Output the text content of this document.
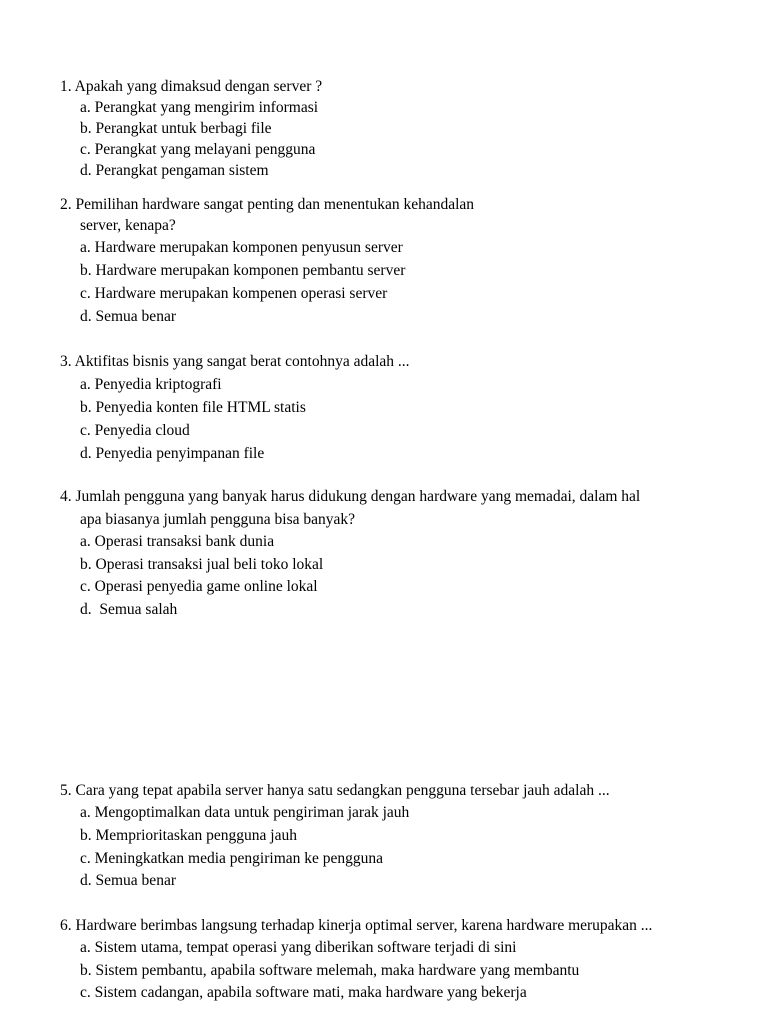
1. Apakah yang dimaksud dengan server ?
a. Perangkat yang mengirim informasi
b. Perangkat untuk berbagi file
c. Perangkat yang melayani pengguna
d. Perangkat pengaman sistem
2. Pemilihan hardware sangat penting dan menentukan kehandalan
server, kenapa?
a. Hardware merupakan komponen penyusun server
b. Hardware merupakan komponen pembantu server
c. Hardware merupakan kompenen operasi server
d. Semua benar
3. Aktifitas bisnis yang sangat berat contohnya adalah ...
a. Penyedia kriptografi
b. Penyedia konten file HTML statis
c. Penyedia cloud
d. Penyedia penyimpanan file
4. Jumlah pengguna yang banyak harus didukung dengan hardware yang memadai, dalam hal
apa biasanya jumlah pengguna bisa banyak?
a. Operasi transaksi bank dunia
b. Operasi transaksi jual beli toko lokal
c. Operasi penyedia game online lokal
d.  Semua salah
5. Cara yang tepat apabila server hanya satu sedangkan pengguna tersebar jauh adalah ...
a. Mengoptimalkan data untuk pengiriman jarak jauh
b. Memprioritaskan pengguna jauh
c. Meningkatkan media pengiriman ke pengguna
d. Semua benar
6. Hardware berimbas langsung terhadap kinerja optimal server, karena hardware merupakan ...
a. Sistem utama, tempat operasi yang diberikan software terjadi di sini
b. Sistem pembantu, apabila software melemah, maka hardware yang membantu
c. Sistem cadangan, apabila software mati, maka hardware yang bekerja
